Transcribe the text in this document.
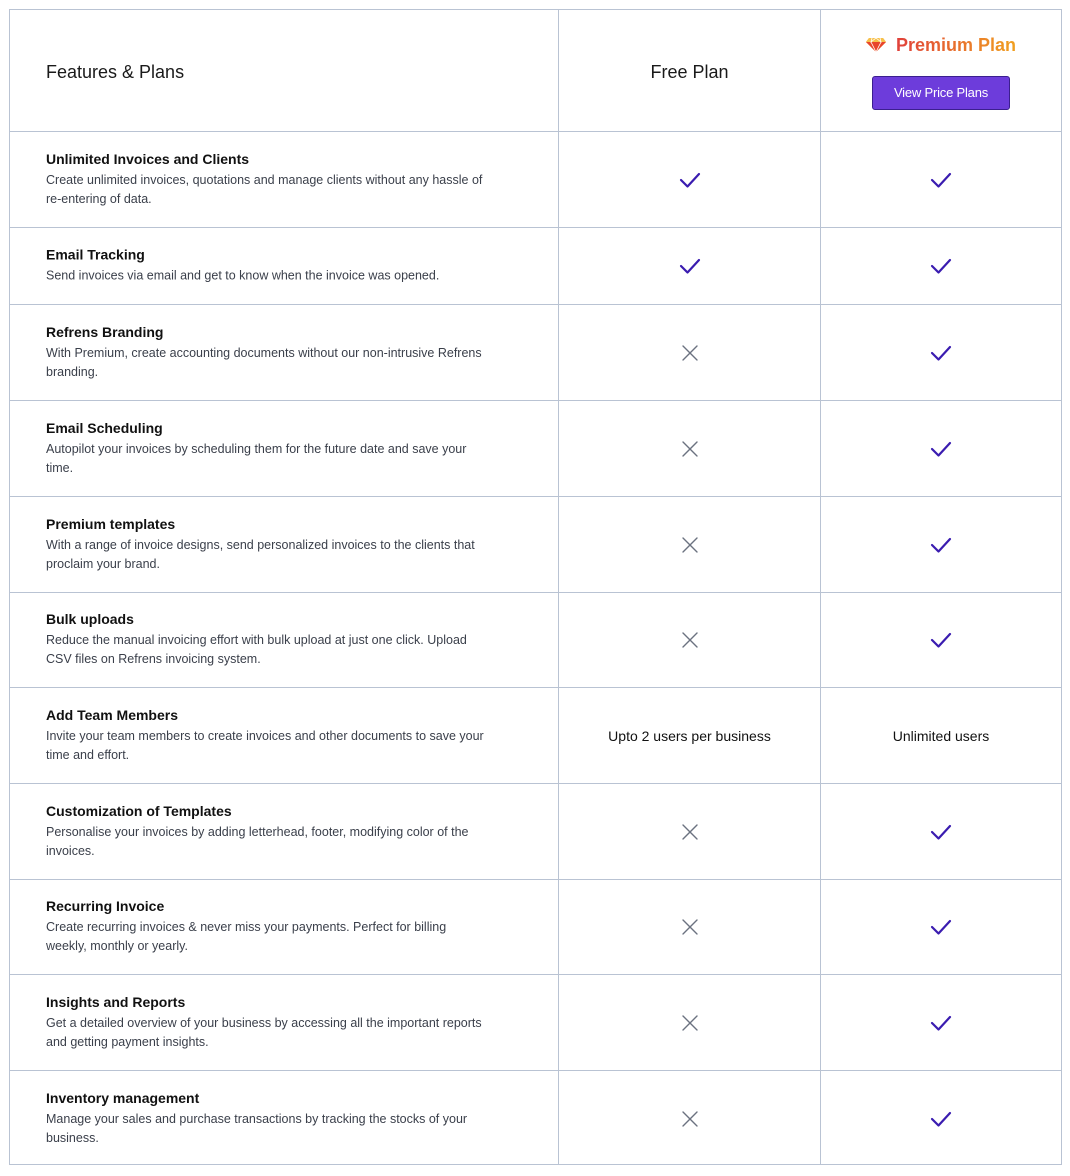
Features & Plans	Free Plan
Premium Plan
View Price Plans
Unlimited Invoices and Clients
Create unlimited invoices, quotations and manage clients without any hassle of re-entering of data.
Email Tracking
Send invoices via email and get to know when the invoice was opened.
Refrens Branding
With Premium, create accounting documents without our non-intrusive Refrens branding.
Email Scheduling
Autopilot your invoices by scheduling them for the future date and save your time.
Premium templates
With a range of invoice designs, send personalized invoices to the clients that proclaim your brand.
Bulk uploads
Reduce the manual invoicing effort with bulk upload at just one click. Upload CSV files on Refrens invoicing system.
Add Team Members
Invite your team members to create invoices and other documents to save your time and effort.
Upto 2 users per business	Unlimited users
Customization of Templates
Personalise your invoices by adding letterhead, footer, modifying color of the invoices.
Recurring Invoice
Create recurring invoices & never miss your payments. Perfect for billing weekly, monthly or yearly.
Insights and Reports
Get a detailed overview of your business by accessing all the important reports and getting payment insights.
Inventory management
Manage your sales and purchase transactions by tracking the stocks of your business.
